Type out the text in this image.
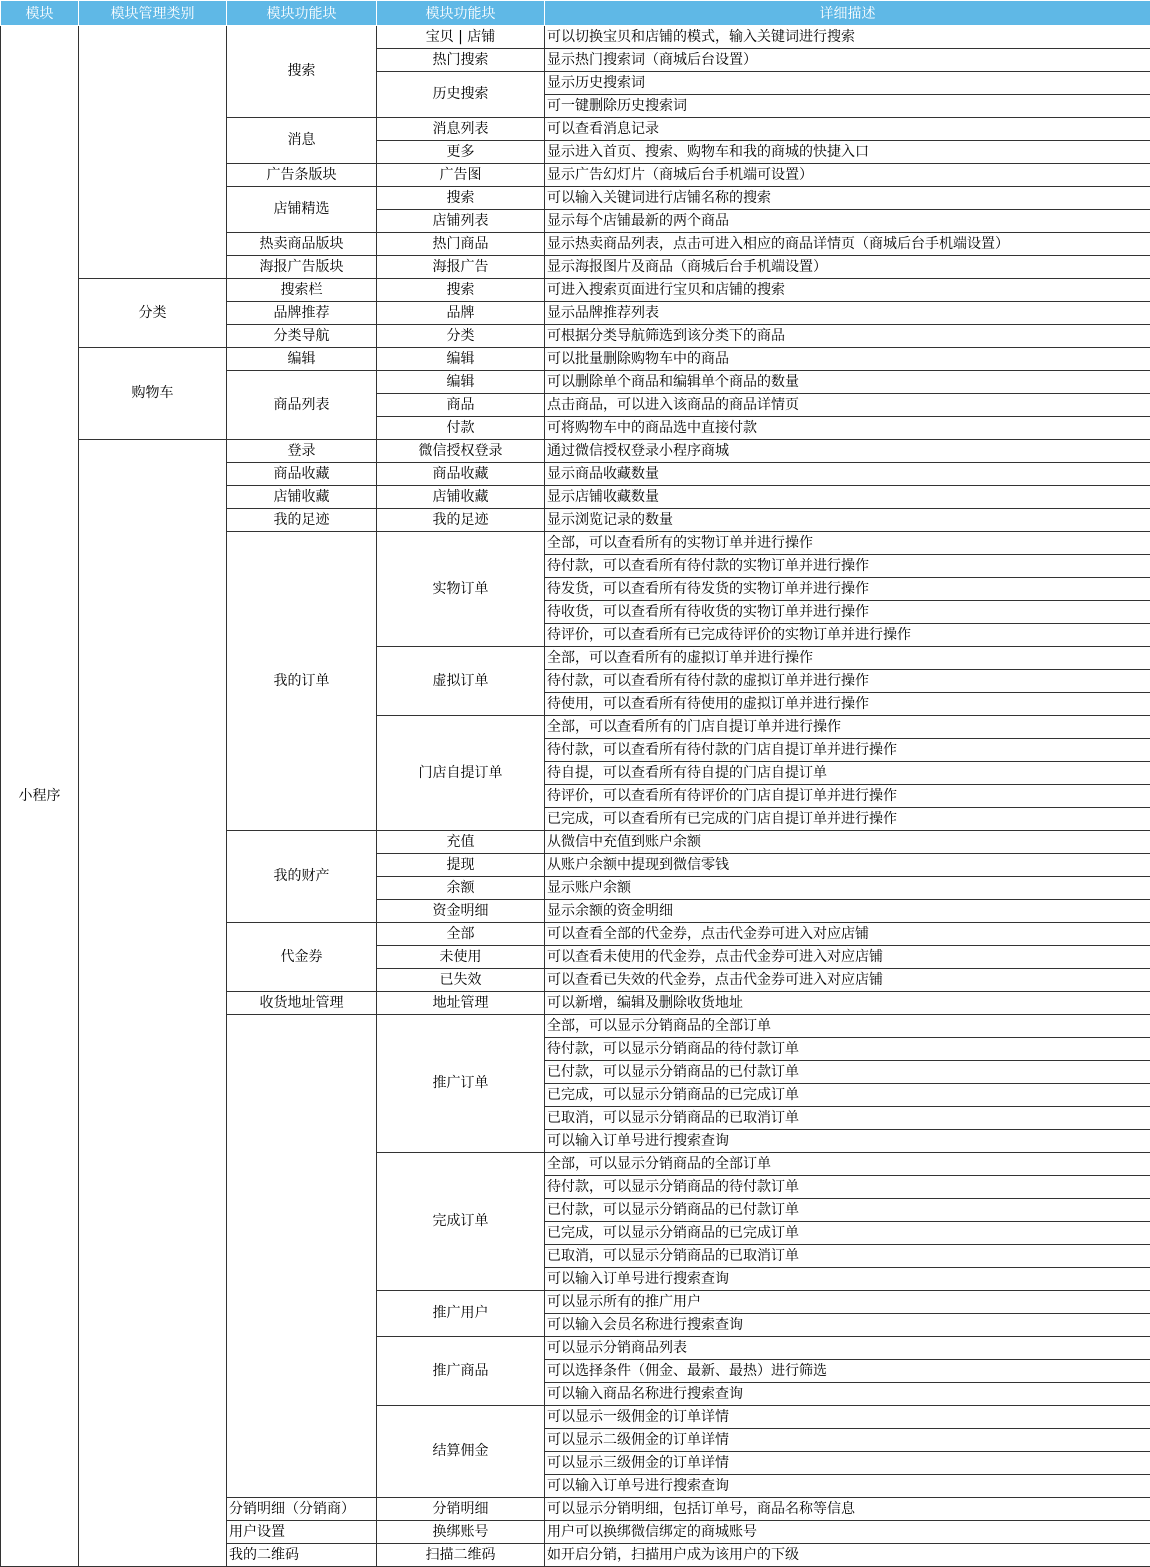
模块	模块管理类别	模块功能块	模块功能块	详细描述
小程序		搜索	宝贝 | 店铺	可以切换宝贝和店铺的模式，输入关键词进行搜索
			热门搜索	显示热门搜索词（商城后台设置）
			历史搜索	显示历史搜索词
				可一键删除历史搜索词
		消息	消息列表	可以查看消息记录
			更多	显示进入首页、搜索、购物车和我的商城的快捷入口
		广告条版块	广告图	显示广告幻灯片（商城后台手机端可设置）
		店铺精选	搜索	可以输入关键词进行店铺名称的搜索
			店铺列表	显示每个店铺最新的两个商品
		热卖商品版块	热门商品	显示热卖商品列表，点击可进入相应的商品详情页（商城后台手机端设置）
		海报广告版块	海报广告	显示海报图片及商品（商城后台手机端设置）
	分类	搜索栏	搜索	可进入搜索页面进行宝贝和店铺的搜索
		品牌推荐	品牌	显示品牌推荐列表
		分类导航	分类	可根据分类导航筛选到该分类下的商品
	购物车	编辑	编辑	可以批量删除购物车中的商品
		商品列表	编辑	可以删除单个商品和编辑单个商品的数量
			商品	点击商品，可以进入该商品的商品详情页
			付款	可将购物车中的商品选中直接付款
		登录	微信授权登录	通过微信授权登录小程序商城
		商品收藏	商品收藏	显示商品收藏数量
		店铺收藏	店铺收藏	显示店铺收藏数量
		我的足迹	我的足迹	显示浏览记录的数量
		我的订单	实物订单	全部，可以查看所有的实物订单并进行操作
				待付款，可以查看所有待付款的实物订单并进行操作
				待发货，可以查看所有待发货的实物订单并进行操作
				待收货，可以查看所有待收货的实物订单并进行操作
				待评价，可以查看所有已完成待评价的实物订单并进行操作
			虚拟订单	全部，可以查看所有的虚拟订单并进行操作
				待付款，可以查看所有待付款的虚拟订单并进行操作
				待使用，可以查看所有待使用的虚拟订单并进行操作
			门店自提订单	全部，可以查看所有的门店自提订单并进行操作
				待付款，可以查看所有待付款的门店自提订单并进行操作
				待自提，可以查看所有待自提的门店自提订单
				待评价，可以查看所有待评价的门店自提订单并进行操作
				已完成，可以查看所有已完成的门店自提订单并进行操作
		我的财产	充值	从微信中充值到账户余额
			提现	从账户余额中提现到微信零钱
			余额	显示账户余额
			资金明细	显示余额的资金明细
		代金券	全部	可以查看全部的代金券，点击代金券可进入对应店铺
			未使用	可以查看未使用的代金券，点击代金券可进入对应店铺
			已失效	可以查看已失效的代金券，点击代金券可进入对应店铺
		收货地址管理	地址管理	可以新增，编辑及删除收货地址
			推广订单	全部，可以显示分销商品的全部订单
				待付款，可以显示分销商品的待付款订单
				已付款，可以显示分销商品的已付款订单
				已完成，可以显示分销商品的已完成订单
				已取消，可以显示分销商品的已取消订单
				可以输入订单号进行搜索查询
			完成订单	全部，可以显示分销商品的全部订单
				待付款，可以显示分销商品的待付款订单
				已付款，可以显示分销商品的已付款订单
				已完成，可以显示分销商品的已完成订单
				已取消，可以显示分销商品的已取消订单
				可以输入订单号进行搜索查询
			推广用户	可以显示所有的推广用户
				可以输入会员名称进行搜索查询
			推广商品	可以显示分销商品列表
				可以选择条件（佣金、最新、最热）进行筛选
				可以输入商品名称进行搜索查询
			结算佣金	可以显示一级佣金的订单详情
				可以显示二级佣金的订单详情
				可以显示三级佣金的订单详情
				可以输入订单号进行搜索查询
		分销明细（分销商）	分销明细	可以显示分销明细，包括订单号，商品名称等信息
		用户设置	换绑账号	用户可以换绑微信绑定的商城账号
		我的二维码	扫描二维码	如开启分销，扫描用户成为该用户的下级
